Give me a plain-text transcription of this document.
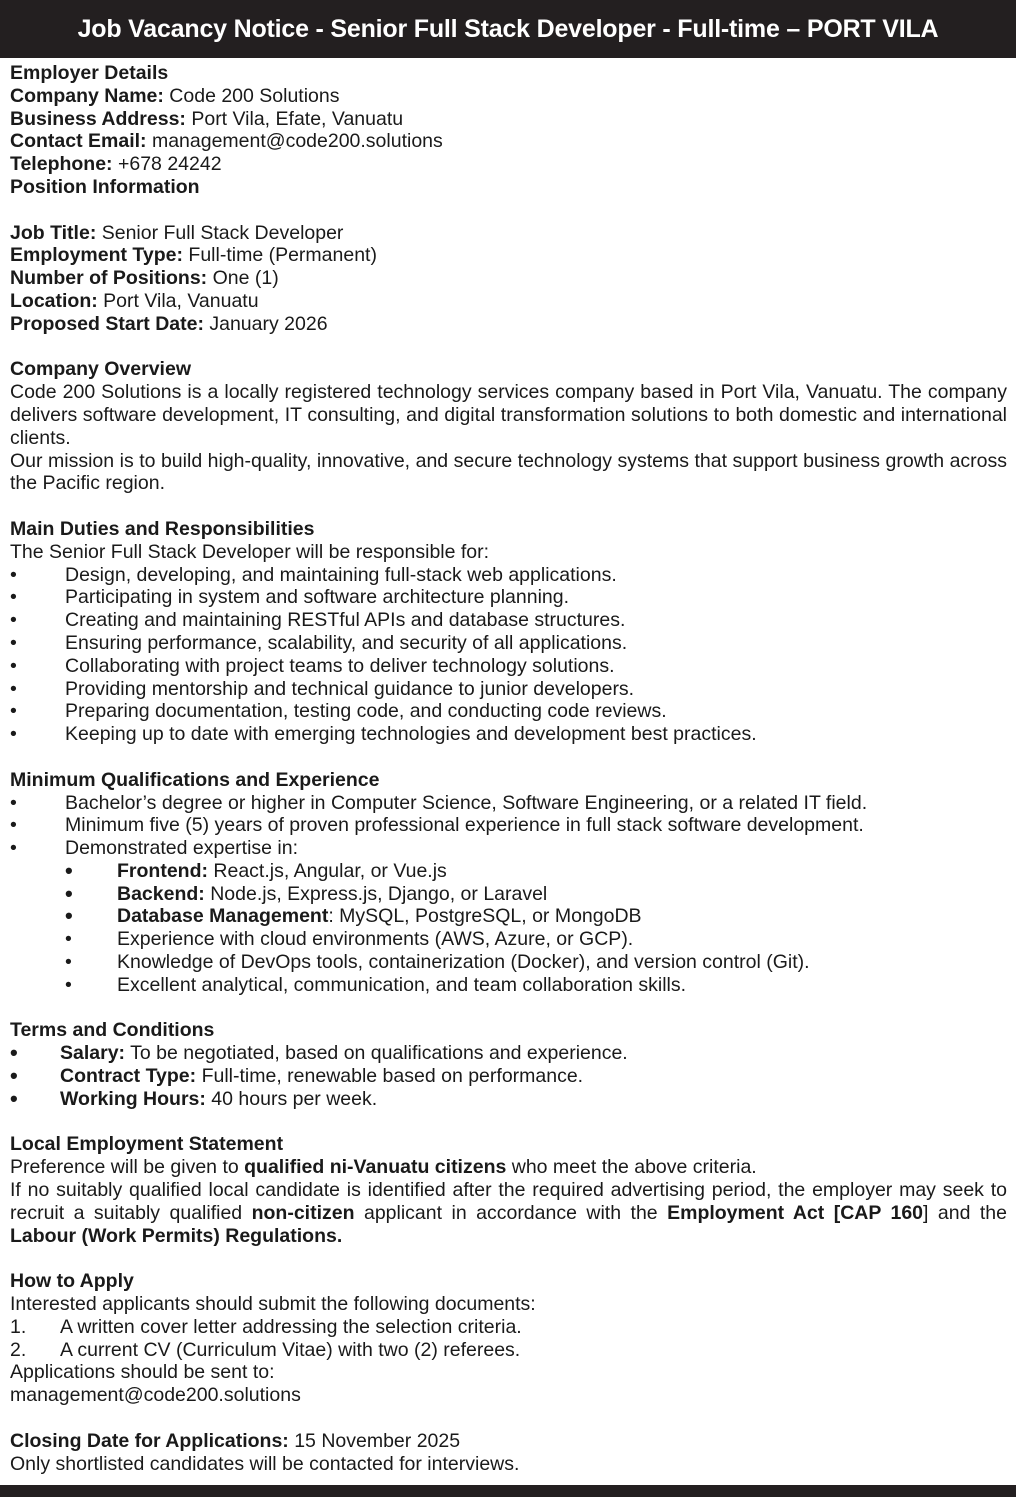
Job Vacancy Notice - Senior Full Stack Developer - Full-time – PORT VILA
Employer Details
Company Name: Code 200 Solutions
Business Address: Port Vila, Efate, Vanuatu
Contact Email: management@code200.solutions
Telephone: +678 24242
Position Information
Job Title: Senior Full Stack Developer
Employment Type: Full-time (Permanent)
Number of Positions: One (1)
Location: Port Vila, Vanuatu
Proposed Start Date: January 2026
Company Overview
Code 200 Solutions is a locally registered technology services company based in Port Vila, Vanuatu. The company delivers software development, IT consulting, and digital transformation solutions to both domestic and international clients.
Our mission is to build high-quality, innovative, and secure technology systems that support business growth across the Pacific region.
Main Duties and Responsibilities
The Senior Full Stack Developer will be responsible for:
•	Design, developing, and maintaining full-stack web applications.
•	Participating in system and software architecture planning.
•	Creating and maintaining RESTful APIs and database structures.
•	Ensuring performance, scalability, and security of all applications.
•	Collaborating with project teams to deliver technology solutions.
•	Providing mentorship and technical guidance to junior developers.
•	Preparing documentation, testing code, and conducting code reviews.
•	Keeping up to date with emerging technologies and development best practices.
Minimum Qualifications and Experience
•	Bachelor’s degree or higher in Computer Science, Software Engineering, or a related IT field.
•	Minimum five (5) years of proven professional experience in full stack software development.
•	Demonstrated expertise in:
•	Frontend: React.js, Angular, or Vue.js
•	Backend: Node.js, Express.js, Django, or Laravel
•	Database Management: MySQL, PostgreSQL, or MongoDB
•	Experience with cloud environments (AWS, Azure, or GCP).
•	Knowledge of DevOps tools, containerization (Docker), and version control (Git).
•	Excellent analytical, communication, and team collaboration skills.
Terms and Conditions
•	Salary: To be negotiated, based on qualifications and experience.
•	Contract Type: Full-time, renewable based on performance.
•	Working Hours: 40 hours per week.
Local Employment Statement
Preference will be given to qualified ni-Vanuatu citizens who meet the above criteria.
If no suitably qualified local candidate is identified after the required advertising period, the employer may seek to recruit a suitably qualified non-citizen applicant in accordance with the Employment Act [CAP 160] and the Labour (Work Permits) Regulations.
How to Apply
Interested applicants should submit the following documents:
1.	A written cover letter addressing the selection criteria.
2.	A current CV (Curriculum Vitae) with two (2) referees.
Applications should be sent to:
management@code200.solutions
Closing Date for Applications: 15 November 2025
Only shortlisted candidates will be contacted for interviews.
